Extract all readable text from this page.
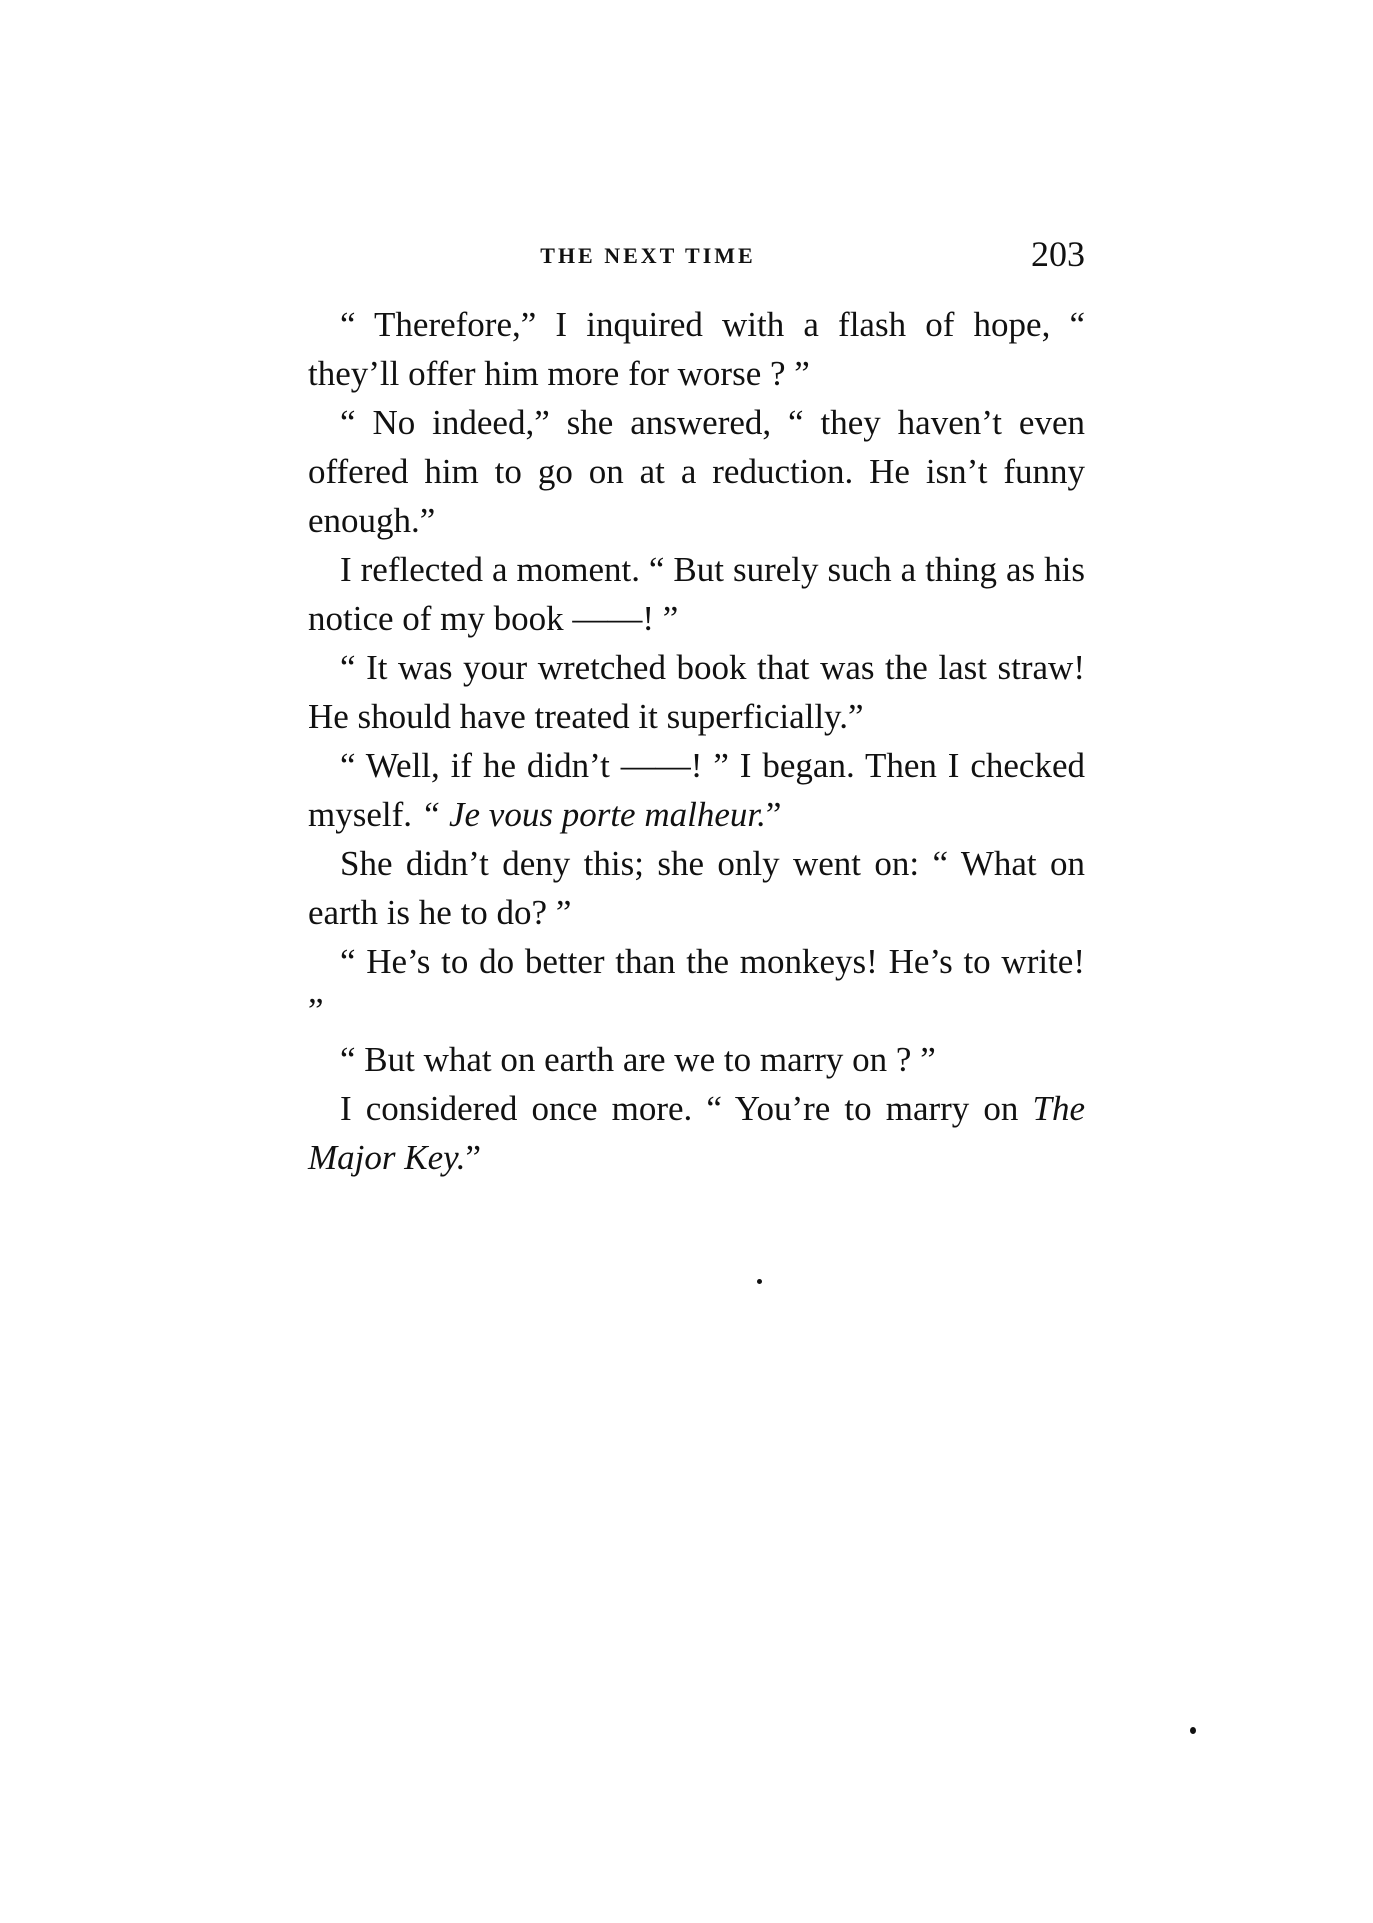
THE NEXT TIME	203

“ Therefore,” I inquired with a flash of hope, “ they’ll offer him more for worse ? ”

“ No indeed,” she answered, “ they haven’t even offered him to go on at a reduction. He isn’t funny enough.”

I reflected a moment. “ But surely such a thing as his notice of my book ——! ”

“ It was your wretched book that was the last straw! He should have treated it superficially.”

“ Well, if he didn’t ——! ” I began. Then I checked myself. “ Je vous porte malheur.”

She didn’t deny this; she only went on: “ What on earth is he to do? ”

“ He’s to do better than the monkeys! He’s to write! ”

“ But what on earth are we to marry on ? ”

I considered once more. “ You’re to marry on The Major Key.”
